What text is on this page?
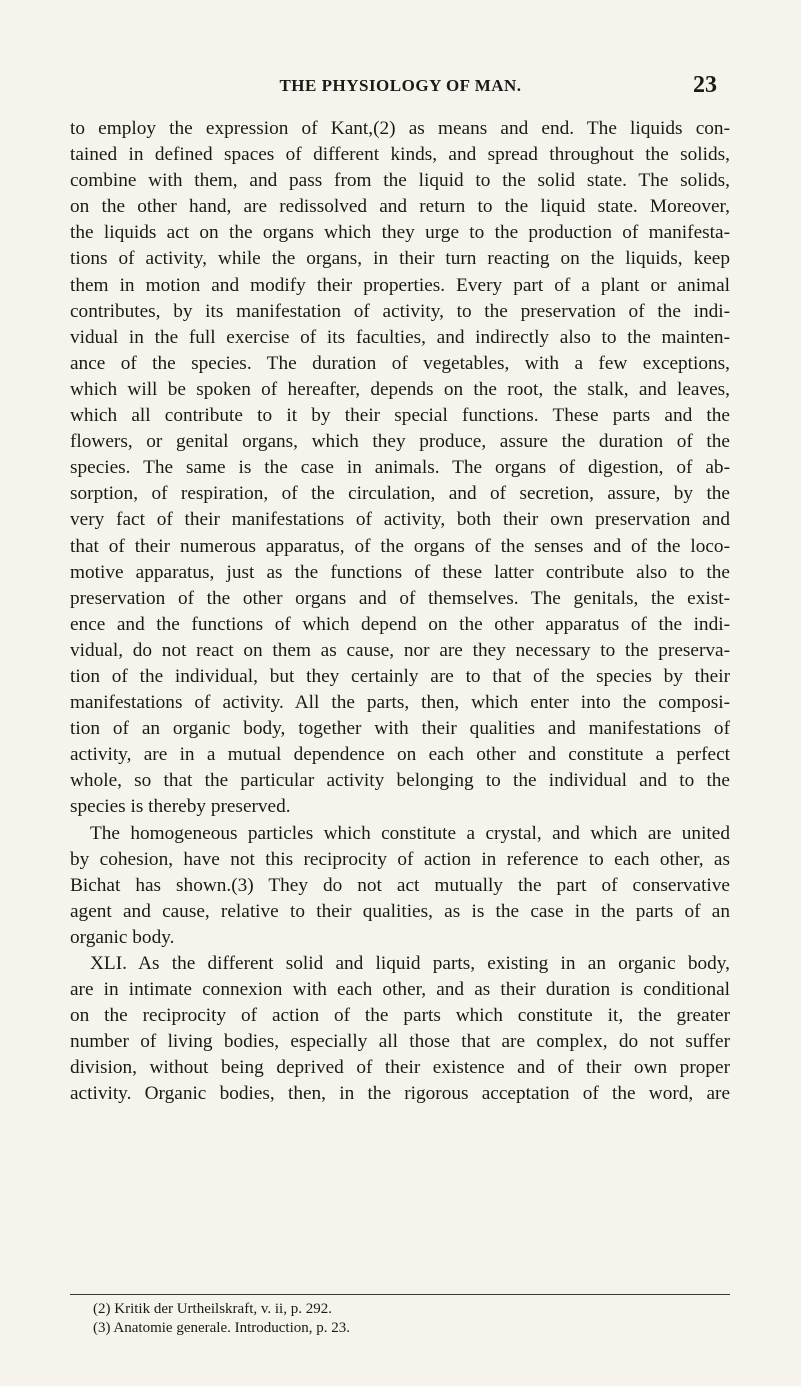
THE PHYSIOLOGY OF MAN.	23
to employ the expression of Kant,(2) as means and end. The liquids con-
tained in defined spaces of different kinds, and spread throughout the solids,
combine with them, and pass from the liquid to the solid state. The solids,
on the other hand, are redissolved and return to the liquid state. Moreover,
the liquids act on the organs which they urge to the production of manifesta-
tions of activity, while the organs, in their turn reacting on the liquids, keep
them in motion and modify their properties. Every part of a plant or animal
contributes, by its manifestation of activity, to the preservation of the indi-
vidual in the full exercise of its faculties, and indirectly also to the mainten-
ance of the species. The duration of vegetables, with a few exceptions,
which will be spoken of hereafter, depends on the root, the stalk, and leaves,
which all contribute to it by their special functions. These parts and the
flowers, or genital organs, which they produce, assure the duration of the
species. The same is the case in animals. The organs of digestion, of ab-
sorption, of respiration, of the circulation, and of secretion, assure, by the
very fact of their manifestations of activity, both their own preservation and
that of their numerous apparatus, of the organs of the senses and of the loco-
motive apparatus, just as the functions of these latter contribute also to the
preservation of the other organs and of themselves. The genitals, the exist-
ence and the functions of which depend on the other apparatus of the indi-
vidual, do not react on them as cause, nor are they necessary to the preserva-
tion of the individual, but they certainly are to that of the species by their
manifestations of activity. All the parts, then, which enter into the composi-
tion of an organic body, together with their qualities and manifestations of
activity, are in a mutual dependence on each other and constitute a perfect
whole, so that the particular activity belonging to the individual and to the
species is thereby preserved.
The homogeneous particles which constitute a crystal, and which are united
by cohesion, have not this reciprocity of action in reference to each other, as
Bichat has shown.(3) They do not act mutually the part of conservative
agent and cause, relative to their qualities, as is the case in the parts of an
organic body.
XLI. As the different solid and liquid parts, existing in an organic body,
are in intimate connexion with each other, and as their duration is conditional
on the reciprocity of action of the parts which constitute it, the greater
number of living bodies, especially all those that are complex, do not suffer
division, without being deprived of their existence and of their own proper
activity. Organic bodies, then, in the rigorous acceptation of the word, are
(2) Kritik der Urtheilskraft, v. ii, p. 292.
(3) Anatomie generale. Introduction, p. 23.
